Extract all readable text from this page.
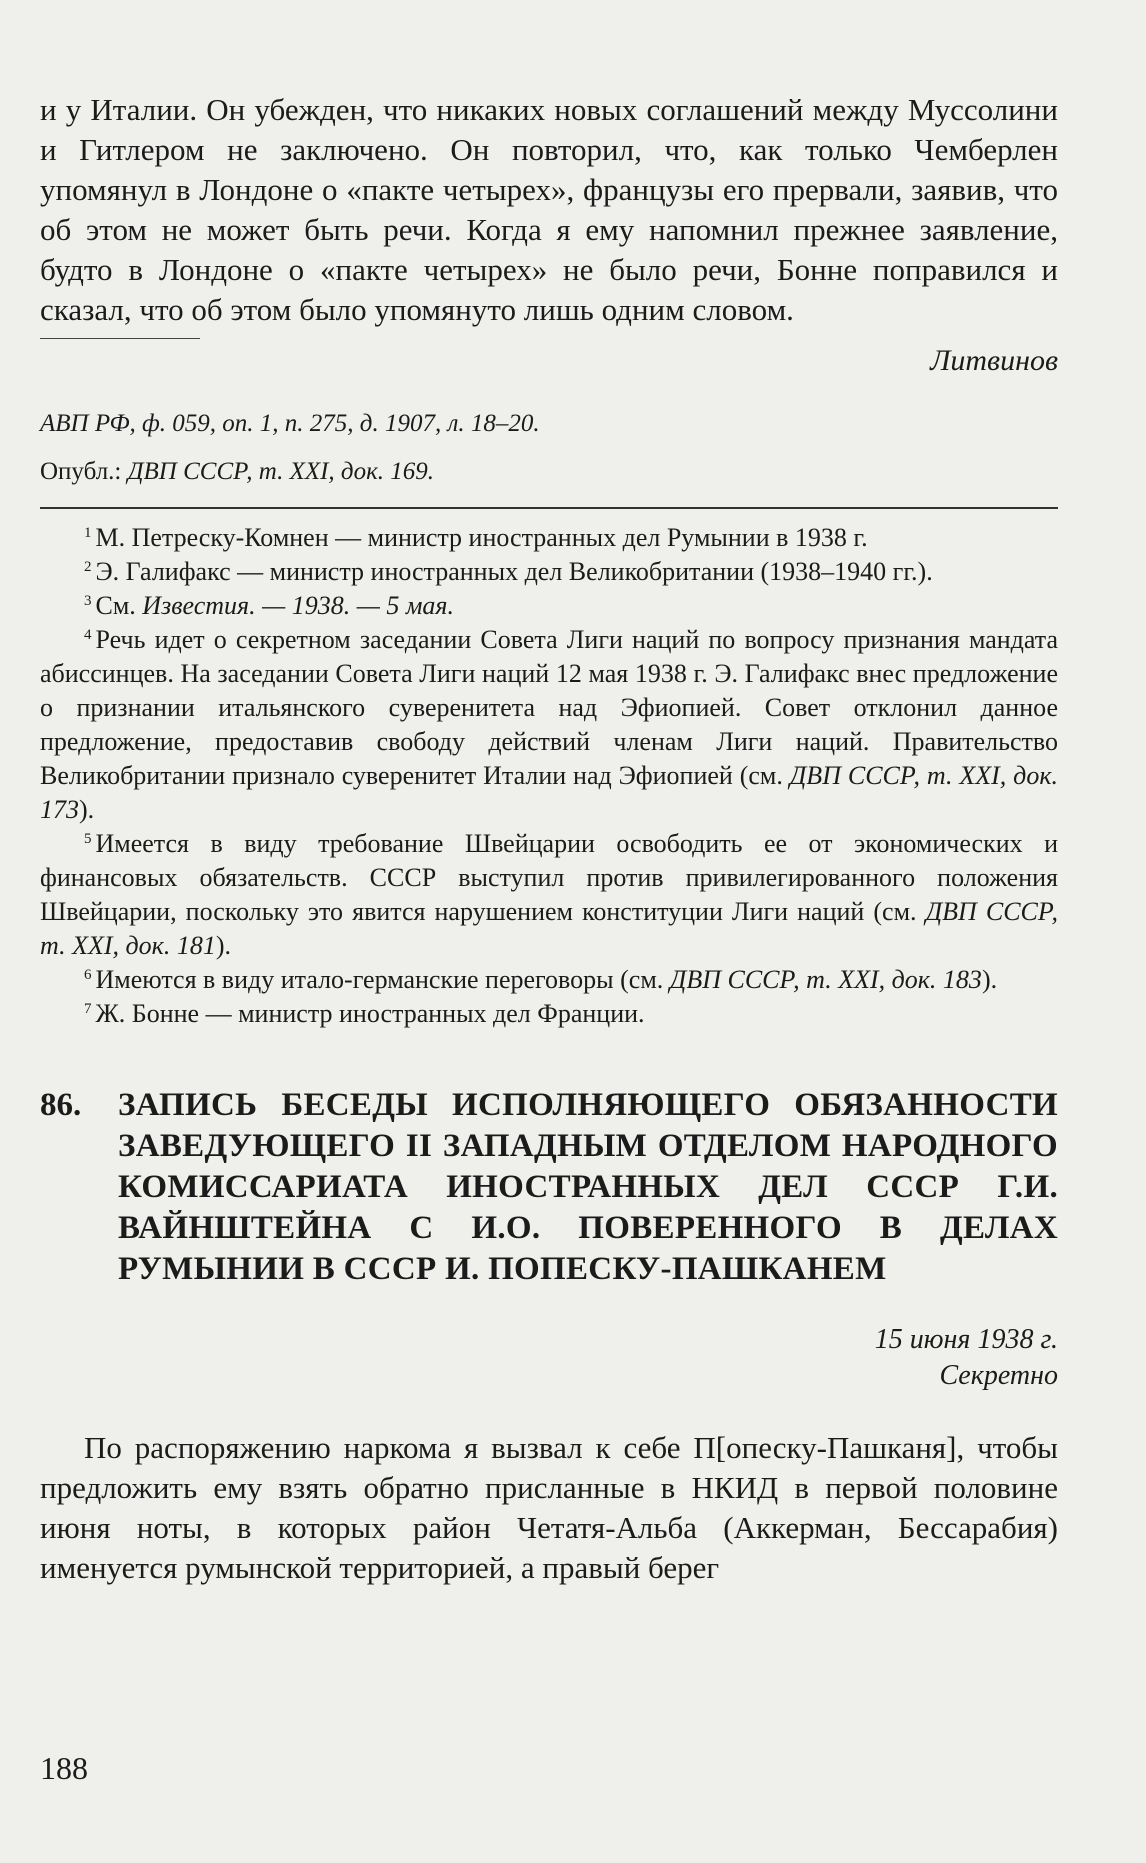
и у Италии. Он убежден, что никаких новых соглашений между Муссолини и Гитлером не заключено. Он повторил, что, как только Чемберлен упомянул в Лондоне о «пакте четырех», французы его прервали, заявив, что об этом не может быть речи. Когда я ему напомнил прежнее заявление, будто в Лондоне о «пакте четырех» не было речи, Бонне поправился и сказал, что об этом было упомянуто лишь одним словом.

Литвинов

АВП РФ, ф. 059, оп. 1, п. 275, д. 1907, л. 18–20.

Опубл.: ДВП СССР, т. XXI, док. 169.

$^1$ М. Петреску-Комнен — министр иностранных дел Румынии в 1938 г.

$^2$ Э. Галифакс — министр иностранных дел Великобритании (1938–1940 гг.).

$^3$ См. Известия. — 1938. — 5 мая.

$^4$ Речь идет о секретном заседании Совета Лиги наций по вопросу признания мандата абиссинцев. На заседании Совета Лиги наций 12 мая 1938 г. Э. Галифакс внес предложение о признании итальянского суверенитета над Эфиопией. Совет отклонил данное предложение, предоставив свободу действий членам Лиги наций. Правительство Великобритании признало суверенитет Италии над Эфиопией (см. ДВП СССР, т. XXI, док. 173).

$^5$ Имеется в виду требование Швейцарии освободить ее от экономических и финансовых обязательств. СССР выступил против привилегированного положения Швейцарии, поскольку это явится нарушением конституции Лиги наций (см. ДВП СССР, т. XXI, док. 181).

$^6$ Имеются в виду итало-германские переговоры (см. ДВП СССР, т. XXI, док. 183).

$^7$ Ж. Бонне — министр иностранных дел Франции.

86.	ЗАПИСЬ БЕСЕДЫ ИСПОЛНЯЮЩЕГО ОБЯЗАННОСТИ ЗАВЕДУЮЩЕГО II ЗАПАДНЫМ ОТДЕЛОМ НАРОДНОГО КОМИССАРИАТА ИНОСТРАННЫХ ДЕЛ СССР Г.И. ВАЙНШТЕЙНА С И.О. ПОВЕРЕННОГО В ДЕЛАХ РУМЫНИИ В СССР И. ПОПЕСКУ-ПАШКАНЕМ

15 июня 1938 г.

Секретно

По распоряжению наркома я вызвал к себе П[опеску-Пашканя], чтобы предложить ему взять обратно присланные в НКИД в первой половине июня ноты, в которых район Четатя-Альба (Аккерман, Бессарабия) именуется румынской территорией, а правый берег

188
